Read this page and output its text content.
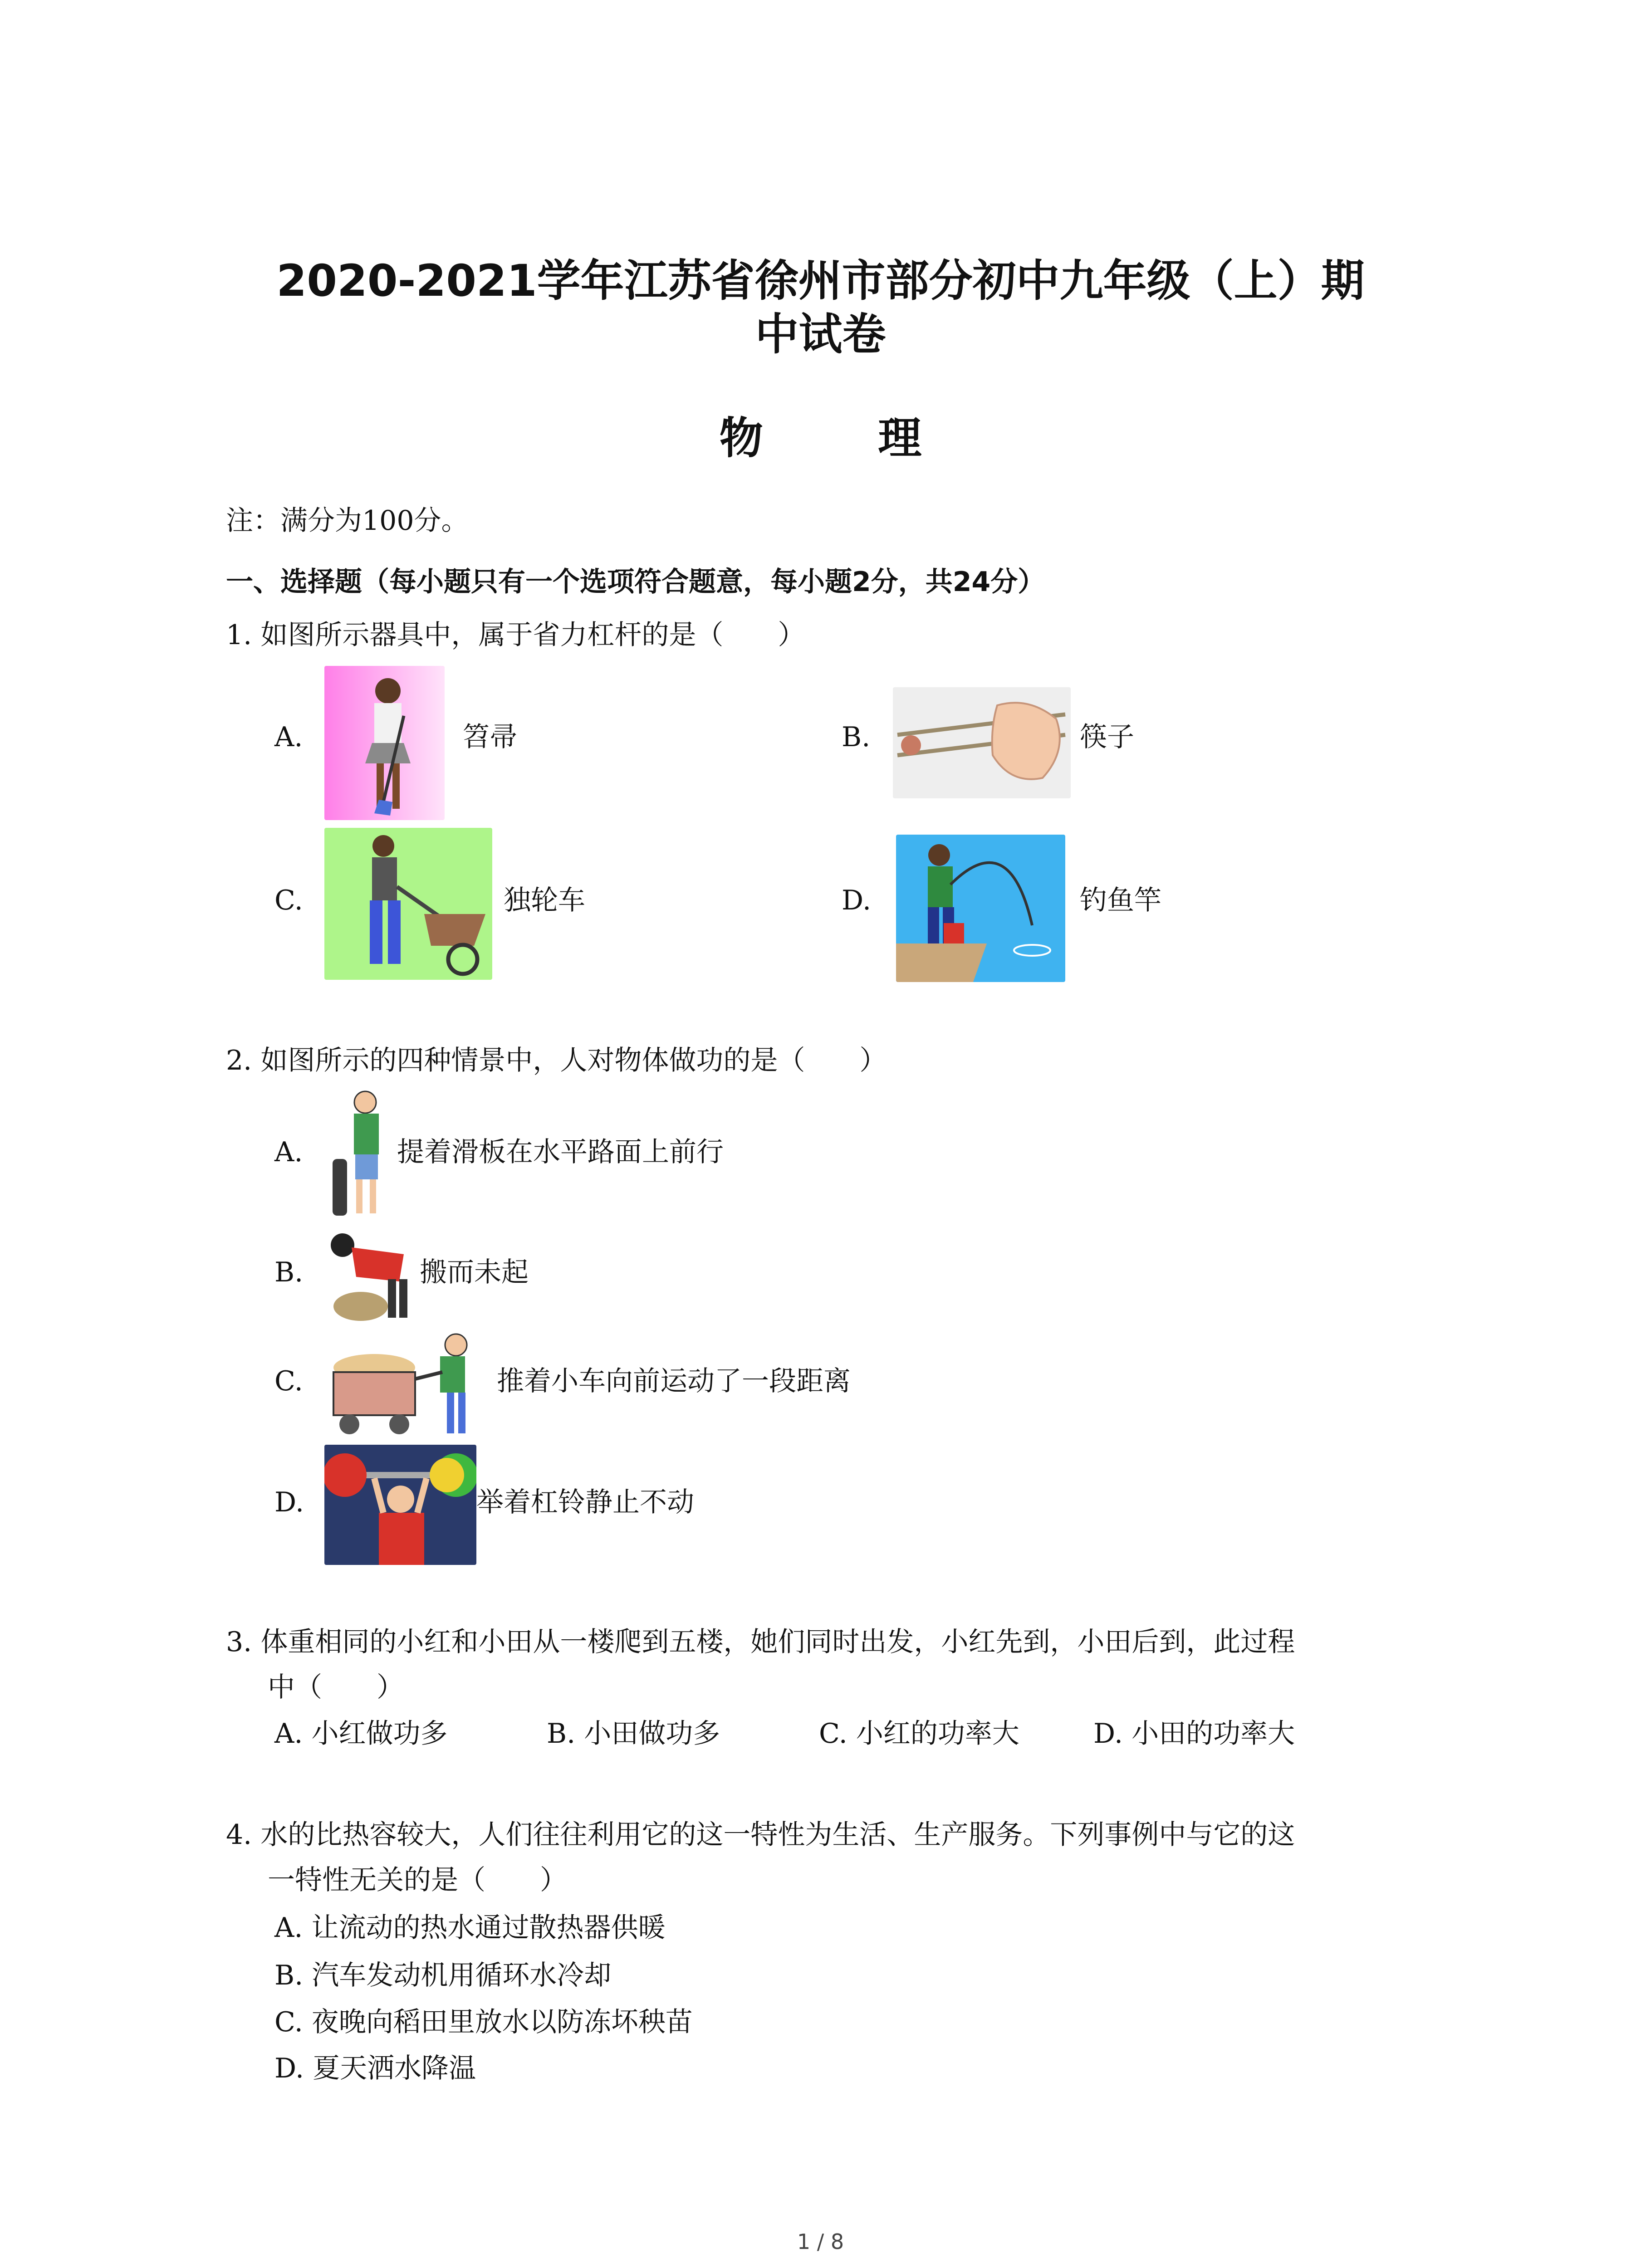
2020-2021学年江苏省徐州市部分初中九年级（上）期
中试卷
物 理
注：满分为100分。
一、选择题（每小题只有一个选项符合题意，每小题2分，共24分）
1. 如图所示器具中，属于省力杠杆的是（　　）
A.	笤帚	B.	筷子
C.	独轮车	D.	钓鱼竿
2. 如图所示的四种情景中，人对物体做功的是（　　）
A.	提着滑板在水平路面上前行
B.	搬而未起
C.	推着小车向前运动了一段距离
D.	举着杠铃静止不动
3. 体重相同的小红和小田从一楼爬到五楼，她们同时出发，小红先到，小田后到，此过程
中（　　）
A. 小红做功多	B. 小田做功多	C. 小红的功率大	D. 小田的功率大
4. 水的比热容较大，人们往往利用它的这一特性为生活、生产服务。下列事例中与它的这
一特性无关的是（　　）
A. 让流动的热水通过散热器供暖
B. 汽车发动机用循环水冷却
C. 夜晚向稻田里放水以防冻坏秧苗
D. 夏天洒水降温
1 / 8
